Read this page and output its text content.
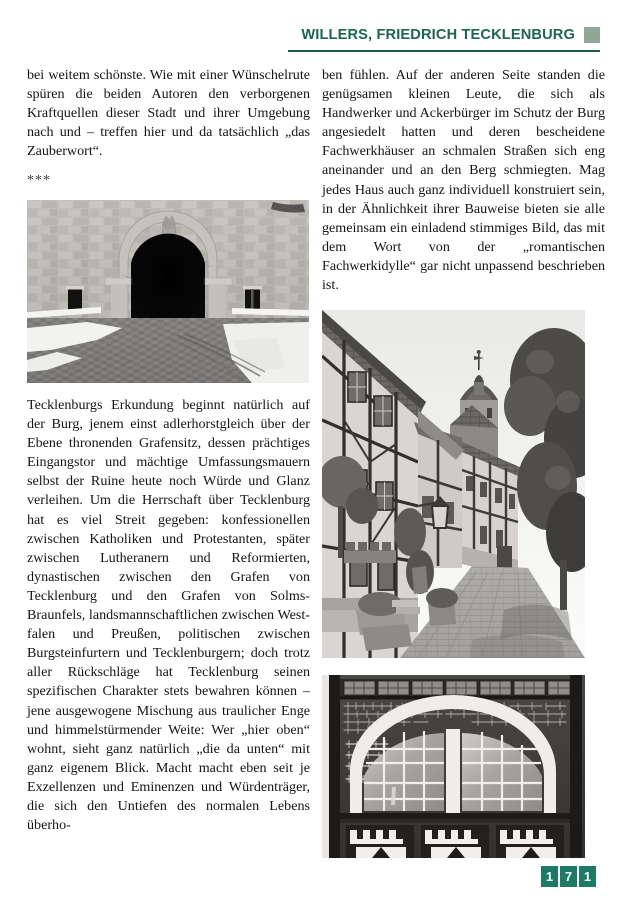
WILLERS, FRIEDRICH TECKLENBURG

bei weitem schönste. Wie mit einer Wünschelrute spüren die beiden Autoren den verborgenen Kraftquellen dieser Stadt und ihrer Umgebung nach und – treffen hier und da tatsächlich „das Zauberwort“.

***

Tecklenburgs Erkundung beginnt natürlich auf der Burg, jenem einst adlerhorstgleich über der Ebene thronenden Grafensitz, dessen prächtiges Eingangstor und mächtige Umfassungsmauern selbst der Ruine heute noch Würde und Glanz verleihen. Um die Herrschaft über Tecklenburg hat es viel Streit gegeben: konfessionellen zwischen Katholiken und Protestanten, später zwischen Lutheranern und Reformierten, dynastischen zwischen den Grafen von Tecklenburg und den Grafen von Solms-Braunfels, landsmannschaftlichen zwischen Westfalen und Preußen, politischen zwischen Burgsteinfurtern und Tecklenburgern; doch trotz aller Rückschläge hat Tecklenburg seinen spezifischen Charakter stets bewahren können – jene ausgewogene Mischung aus traulicher Enge und himmelstürmender Weite: Wer „hier oben“ wohnt, sieht ganz natürlich „die da unten“ mit ganz eigenem Blick. Macht macht eben seit je Exzellenzen und Eminenzen und Würdenträger, die sich den Untiefen des normalen Lebens überho-

ben fühlen. Auf der anderen Seite standen die genügsamen kleinen Leute, die sich als Handwerker und Ackerbürger im Schutz der Burg angesiedelt hatten und deren bescheidene Fachwerkhäuser an schmalen Straßen sich eng aneinander und an den Berg schmiegten. Mag jedes Haus auch ganz individuell konstruiert sein, in der Ähnlichkeit ihrer Bauweise bieten sie alle gemeinsam ein einladend stimmiges Bild, das mit dem Wort von der „romantischen Fachwerkidylle“ gar nicht unpassend beschrieben ist.

1 7 1
